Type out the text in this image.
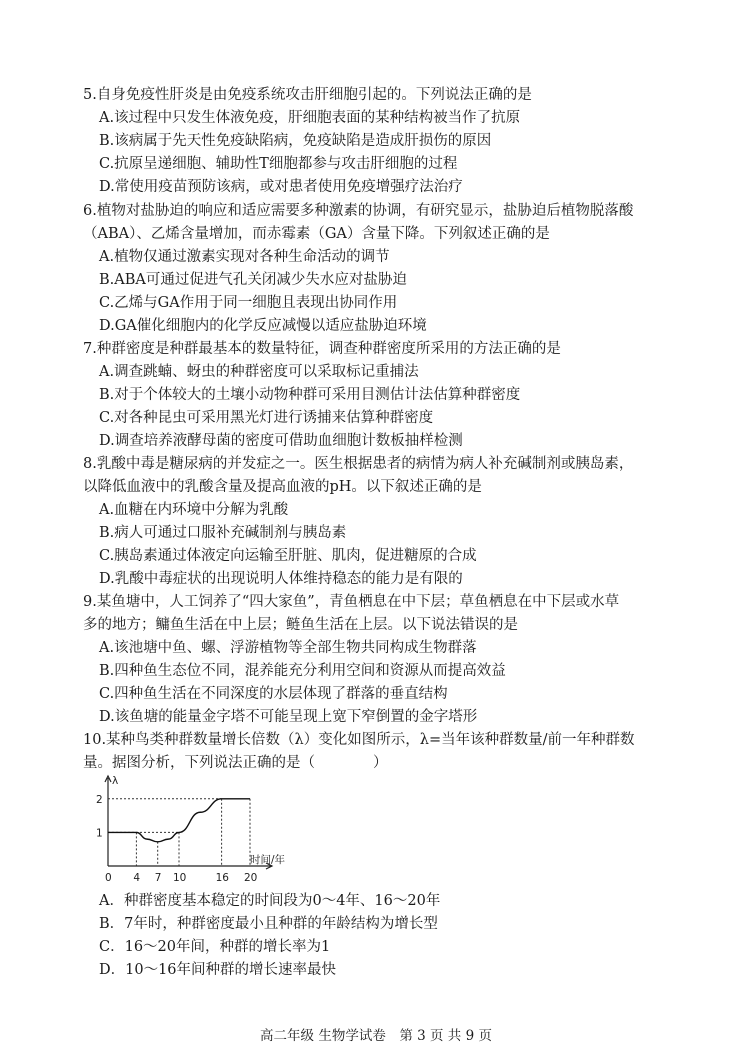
5.自身免疫性肝炎是由免疫系统攻击肝细胞引起的。下列说法正确的是
A.该过程中只发生体液免疫，肝细胞表面的某种结构被当作了抗原
B.该病属于先天性免疫缺陷病，免疫缺陷是造成肝损伤的原因
C.抗原呈递细胞、辅助性T细胞都参与攻击肝细胞的过程
D.常使用疫苗预防该病，或对患者使用免疫增强疗法治疗
6.植物对盐胁迫的响应和适应需要多种激素的协调，有研究显示，盐胁迫后植物脱落酸
（ABA）、乙烯含量增加，而赤霉素（GA）含量下降。下列叙述正确的是
A.植物仅通过激素实现对各种生命活动的调节
B.ABA可通过促进气孔关闭减少失水应对盐胁迫
C.乙烯与GA作用于同一细胞且表现出协同作用
D.GA催化细胞内的化学反应减慢以适应盐胁迫环境
7.种群密度是种群最基本的数量特征，调查种群密度所采用的方法正确的是
A.调查跳蝻、蚜虫的种群密度可以采取标记重捕法
B.对于个体较大的土壤小动物种群可采用目测估计法估算种群密度
C.对各种昆虫可采用黑光灯进行诱捕来估算种群密度
D.调查培养液酵母菌的密度可借助血细胞计数板抽样检测
8.乳酸中毒是糖尿病的并发症之一。医生根据患者的病情为病人补充碱制剂或胰岛素，
以降低血液中的乳酸含量及提高血液的pH。以下叙述正确的是
A.血糖在内环境中分解为乳酸
B.病人可通过口服补充碱制剂与胰岛素
C.胰岛素通过体液定向运输至肝脏、肌肉，促进糖原的合成
D.乳酸中毒症状的出现说明人体维持稳态的能力是有限的
9.某鱼塘中，人工饲养了“四大家鱼”，青鱼栖息在中下层；草鱼栖息在中下层或水草
多的地方；鳙鱼生活在中上层；鲢鱼生活在上层。以下说法错误的是
A.该池塘中鱼、螺、浮游植物等全部生物共同构成生物群落
B.四种鱼生态位不同，混养能充分利用空间和资源从而提高效益
C.四种鱼生活在不同深度的水层体现了群落的垂直结构
D.该鱼塘的能量金字塔不可能呈现上宽下窄倒置的金字塔形
10.某种鸟类种群数量增长倍数（λ）变化如图所示，λ=当年该种群数量/前一年种群数
量。据图分析，下列说法正确的是（　　　　）
λ
时间/年
1
2
0 4 7 10	16 20
A．种群密度基本稳定的时间段为0～4年、16～20年
B．7年时，种群密度最小且种群的年龄结构为增长型
C．16～20年间，种群的增长率为1
D．10～16年间种群的增长速率最快
高二年级 生物学试卷　第 3 页 共 9 页
